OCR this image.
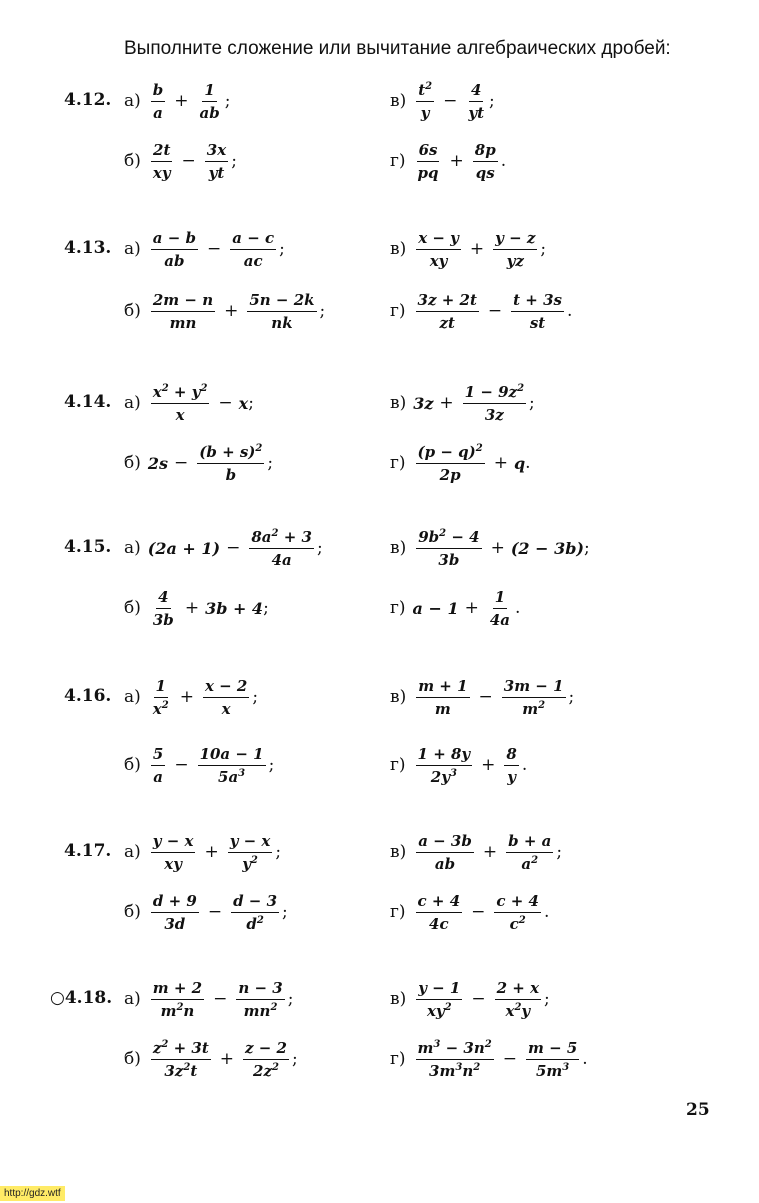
Выполните сложение или вычитание алгебраических дробей:
4.12. $а) \frac{b}{a} + \frac{1}{ab}$ ;	$в) \frac{t^2}{y} - \frac{4}{yt}$ ;
$б) \frac{2t}{xy} - \frac{3x}{yt}$ ;	$г) \frac{6s}{pq} + \frac{8p}{qs}$ .
4.13. $а) \frac{a - b}{ab} - \frac{a - c}{ac}$ ;	$в) \frac{x - y}{xy} + \frac{y - z}{yz}$ ;
$б) \frac{2m - n}{mn} + \frac{5n - 2k}{nk}$ ;	$г) \frac{3z + 2t}{zt} - \frac{t + 3s}{st}$ .
4.14. $а) \frac{x^2 + y^2}{x} - x$ ;	в) $3z + \frac{1 - 9z^2}{3z}$ ;
б) $2s - \frac{(b + s)^2}{b}$ ;	$г) \frac{(p - q)^2}{2p} + q$ .
4.15. а) $(2a + 1) - \frac{8a^2 + 3}{4a}$ ;	$в) \frac{9b^2 - 4}{3b} + (2 - 3b)$ ;
$б) \frac{4}{3b} + 3b + 4$ ;	г) $a - 1 + \frac{1}{4a}$ .
4.16. $а) \frac{1}{x^2} + \frac{x - 2}{x}$ ;	$в) \frac{m + 1}{m} - \frac{3m - 1}{m^2}$ ;
$б) \frac{5}{a} - \frac{10a - 1}{5a^3}$ ;	$г) \frac{1 + 8y}{2y^3} + \frac{8}{y}$ .
4.17. $а) \frac{y - x}{xy} + \frac{y - x}{y^2}$ ;	$в) \frac{a - 3b}{ab} + \frac{b + a}{a^2}$ ;
$б) \frac{d + 9}{3d} - \frac{d - 3}{d^2}$ ;	$г) \frac{c + 4}{4c} - \frac{c + 4}{c^2}$ .
○4.18. $а) \frac{m + 2}{m^2n} - \frac{n - 3}{mn^2}$ ;	$в) \frac{y - 1}{xy^2} - \frac{2 + x}{x^2y}$ ;
$б) \frac{z^2 + 3t}{3z^2t} + \frac{z - 2}{2z^2}$ ;	$г) \frac{m^3 - 3n^2}{3m^3n^2} - \frac{m - 5}{5m^3}$ .
25
http://gdz.wtf
